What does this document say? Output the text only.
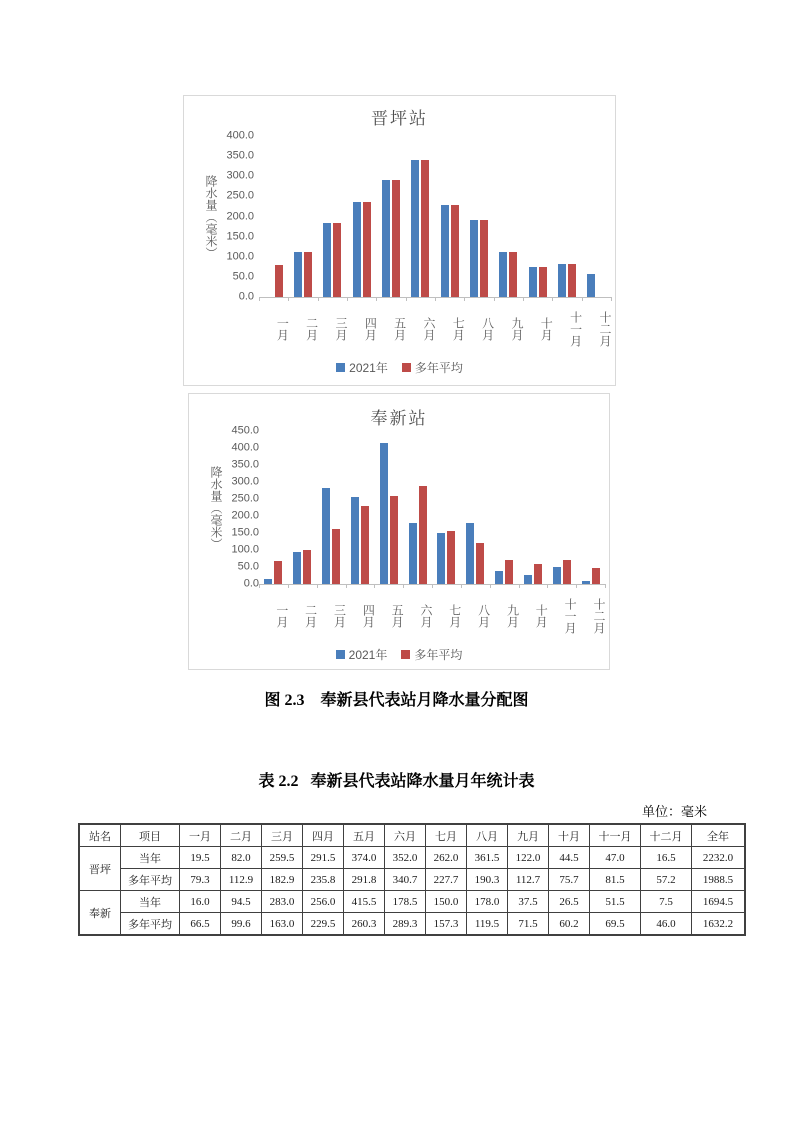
晋坪站
降水量（毫米）
400.0
350.0
300.0
250.0
200.0
150.0
100.0
50.0
0.0
一月	二月	三月	四月	五月	六月	七月	八月	九月	十月	十一月	十二月
2021年 多年平均
奉新站
降水量（毫米）
450.0
400.0
350.0
300.0
250.0
200.0
150.0
100.0
50.0
0.0
一月	二月	三月	四月	五月	六月	七月	八月	九月	十月	十一月	十二月
2021年 多年平均
图 2.3    奉新县代表站月降水量分配图
表 2.2   奉新县代表站降水量月年统计表
单位：毫米
站名	项目	一月	二月	三月	四月	五月	六月	七月	八月	九月	十月	十一月	十二月	全年
晋坪	当年	19.5	82.0	259.5	291.5	374.0	352.0	262.0	361.5	122.0	44.5	47.0	16.5	2232.0
	多年平均	79.3	112.9	182.9	235.8	291.8	340.7	227.7	190.3	112.7	75.7	81.5	57.2	1988.5
奉新	当年	16.0	94.5	283.0	256.0	415.5	178.5	150.0	178.0	37.5	26.5	51.5	7.5	1694.5
	多年平均	66.5	99.6	163.0	229.5	260.3	289.3	157.3	119.5	71.5	60.2	69.5	46.0	1632.2
